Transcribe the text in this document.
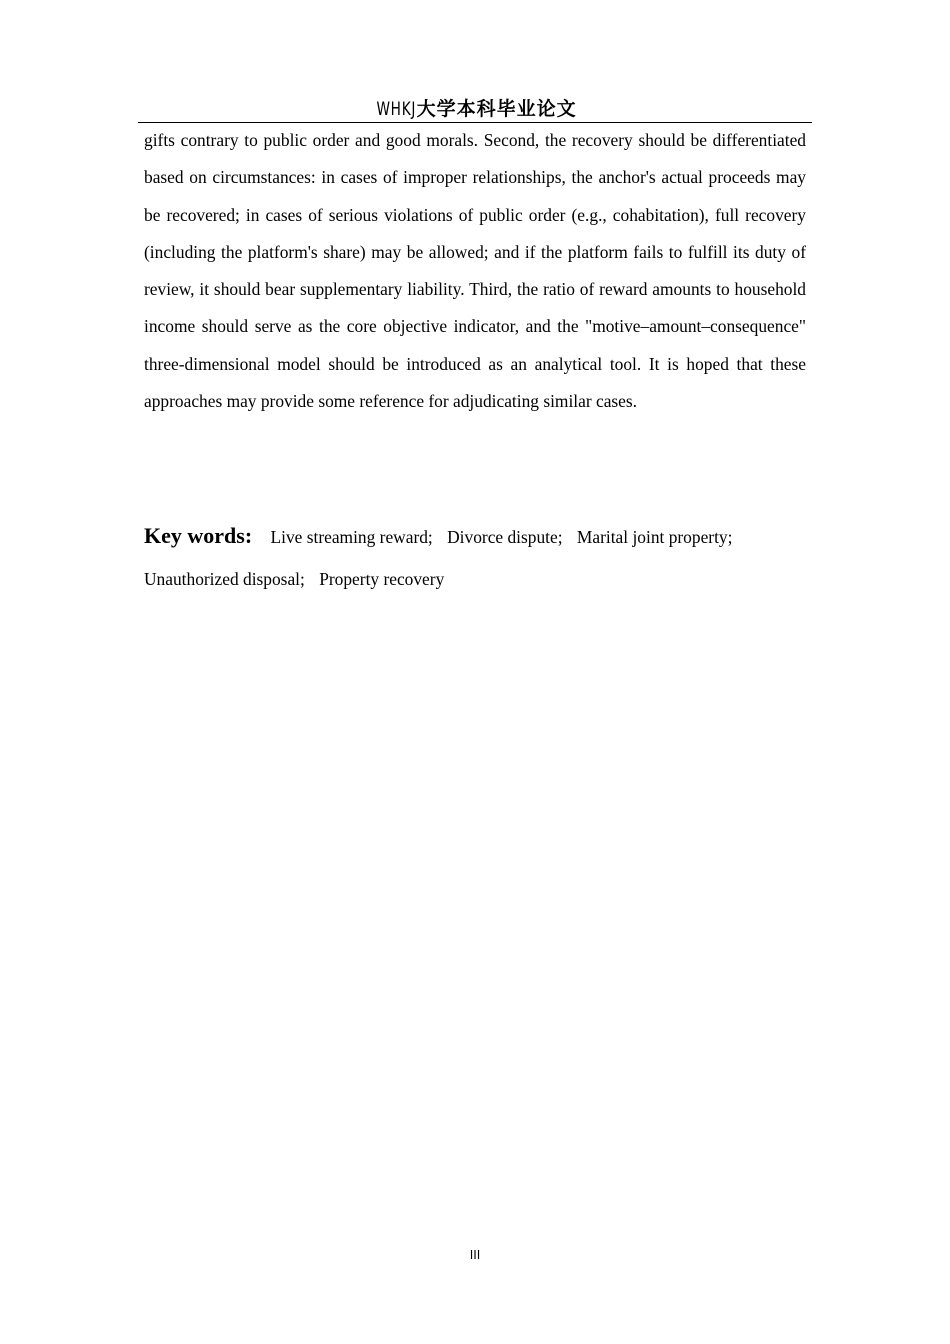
WHKJ大学本科毕业论文

gifts contrary to public order and good morals. Second, the recovery should be differentiated based on circumstances: in cases of improper relationships, the anchor's actual proceeds may be recovered; in cases of serious violations of public order (e.g., cohabitation), full recovery (including the platform's share) may be allowed; and if the platform fails to fulfill its duty of review, it should bear supplementary liability. Third, the ratio of reward amounts to household income should serve as the core objective indicator, and the "motive–amount–consequence" three-dimensional model should be introduced as an analytical tool. It is hoped that these approaches may provide some reference for adjudicating similar cases.

Key words: Live streaming reward; Divorce dispute; Marital joint property; Unauthorized disposal; Property recovery

III
